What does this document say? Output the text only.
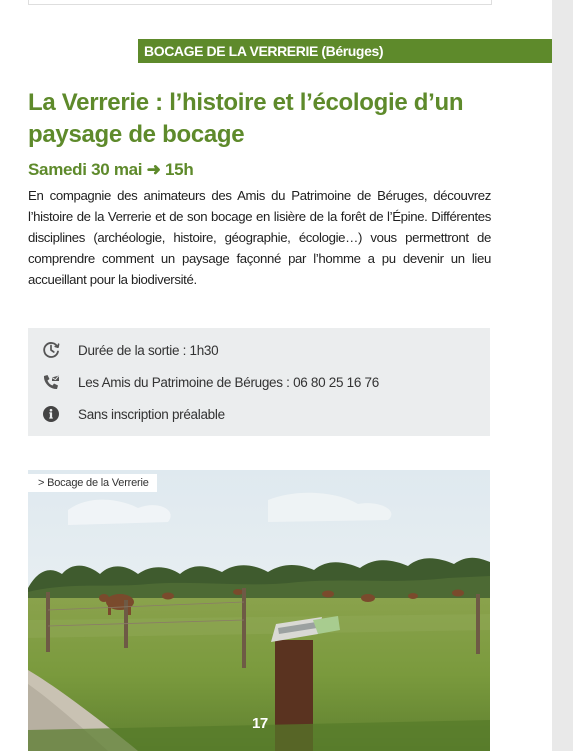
BOCAGE DE LA VERRERIE (Béruges)
La Verrerie : l’histoire et l’écologie d’un paysage de bocage

Samedi 30 mai ➜ 15h

En compagnie des animateurs des Amis du Patrimoine de Béruges, découvrez l’histoire de la Verrerie et de son bocage en lisière de la forêt de l’Épine. Différentes disciplines (archéologie, histoire, géographie, écologie…) vous permettront de comprendre comment un paysage façonné par l’homme a pu devenir un lieu accueillant pour la biodiversité.

Durée de la sortie : 1h30
Les Amis du Patrimoine de Béruges : 06 80 25 16 76
Sans inscription préalable
> Bocage de la Verrerie
17
